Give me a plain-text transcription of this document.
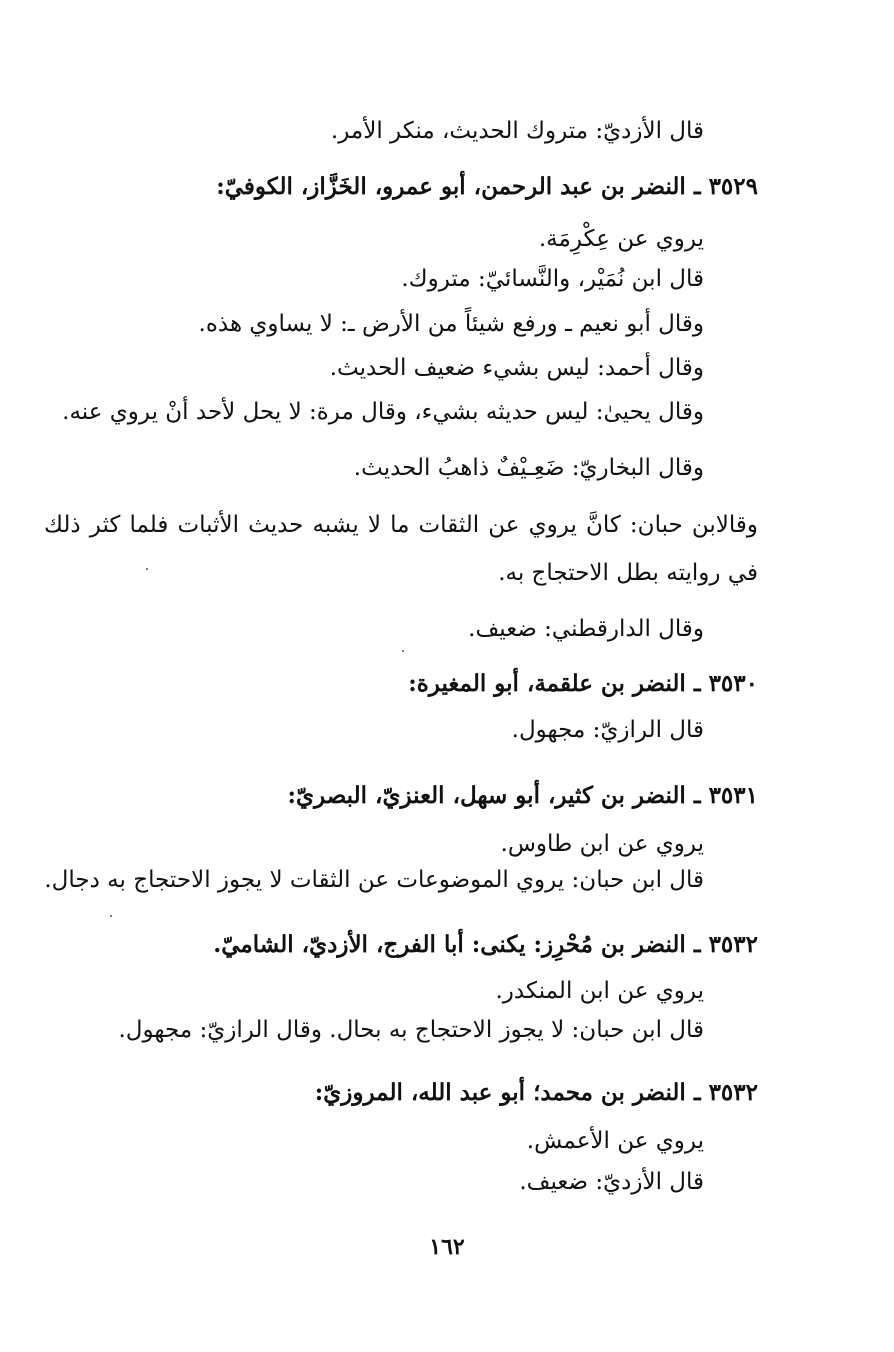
قال الأزديّ: متروك الحديث، منكر الأمر.
٣٥٢٩ ـ النضر بن عبد الرحمن، أبو عمرو، الخَزَّاز، الكوفيّ:
يروي عن عِكْرِمَة.
قال ابن نُمَيْر، والنَّسائيّ: متروك.
وقال أبو نعيم ـ ورفع شيئاً من الأرض ـ: لا يساوي هذه.
وقال أحمد: ليس بشيء ضعيف الحديث.
وقال يحيىٰ: ليس حديثه بشيء، وقال مرة: لا يحل لأحد أنْ يروي عنه.
وقال البخاريّ: ضَعِـيْفٌ ذاهبُ الحديث.
وقالابن حبان: كانَّ يروي عن الثقات ما لا يشبه حديث الأثبات فلما كثر ذلك
في روايته بطل الاحتجاج به.
وقال الدارقطني: ضعيف.
٣٥٣٠ ـ النضر بن علقمة، أبو المغيرة:
قال الرازيّ: مجهول.
٣٥٣١ ـ النضر بن كثير، أبو سهل، العنزيّ، البصريّ:
يروي عن ابن طاوس.
قال ابن حبان: يروي الموضوعات عن الثقات لا يجوز الاحتجاج به دجال.
٣٥٣٢ ـ النضر بن مُحْرِز: يكنى: أبا الفرج، الأزديّ، الشاميّ.
يروي عن ابن المنكدر.
قال ابن حبان: لا يجوز الاحتجاج به بحال. وقال الرازيّ: مجهول.
٣٥٣٢ ـ النضر بن محمد؛ أبو عبد الله، المروزيّ:
يروي عن الأعمش.
قال الأزديّ: ضعيف.
١٦٢
